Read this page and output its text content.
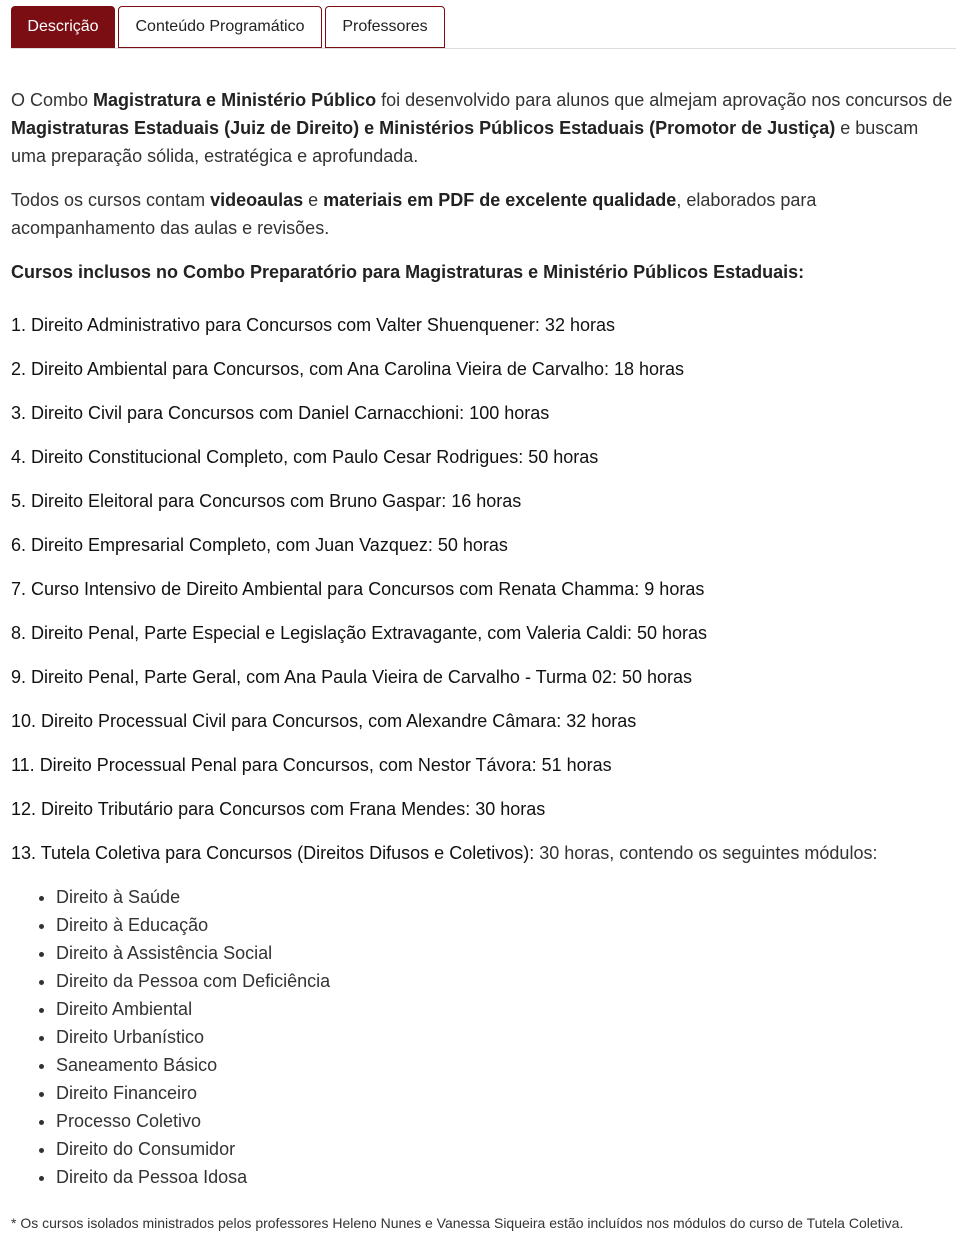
Descrição Conteúdo Programático Professores

O Combo Magistratura e Ministério Público foi desenvolvido para alunos que almejam aprovação nos concursos de Magistraturas Estaduais (Juiz de Direito) e Ministérios Públicos Estaduais (Promotor de Justiça) e buscam uma preparação sólida, estratégica e aprofundada.

Todos os cursos contam videoaulas e materiais em PDF de excelente qualidade, elaborados para acompanhamento das aulas e revisões.

Cursos inclusos no Combo Preparatório para Magistraturas e Ministério Públicos Estaduais:

1. Direito Administrativo para Concursos com Valter Shuenquener: 32 horas
2. Direito Ambiental para Concursos, com Ana Carolina Vieira de Carvalho: 18 horas
3. Direito Civil para Concursos com Daniel Carnacchioni: 100 horas
4. Direito Constitucional Completo, com Paulo Cesar Rodrigues: 50 horas
5. Direito Eleitoral para Concursos com Bruno Gaspar: 16 horas
6. Direito Empresarial Completo, com Juan Vazquez: 50 horas
7. Curso Intensivo de Direito Ambiental para Concursos com Renata Chamma: 9 horas
8. Direito Penal, Parte Especial e Legislação Extravagante, com Valeria Caldi: 50 horas
9. Direito Penal, Parte Geral, com Ana Paula Vieira de Carvalho - Turma 02: 50 horas
10. Direito Processual Civil para Concursos, com Alexandre Câmara: 32 horas
11. Direito Processual Penal para Concursos, com Nestor Távora: 51 horas
12. Direito Tributário para Concursos com Frana Mendes: 30 horas
13. Tutela Coletiva para Concursos (Direitos Difusos e Coletivos): 30 horas, contendo os seguintes módulos:
• Direito à Saúde
• Direito à Educação
• Direito à Assistência Social
• Direito da Pessoa com Deficiência
• Direito Ambiental
• Direito Urbanístico
• Saneamento Básico
• Direito Financeiro
• Processo Coletivo
• Direito do Consumidor
• Direito da Pessoa Idosa

* Os cursos isolados ministrados pelos professores Heleno Nunes e Vanessa Siqueira estão incluídos nos módulos do curso de Tutela Coletiva.
